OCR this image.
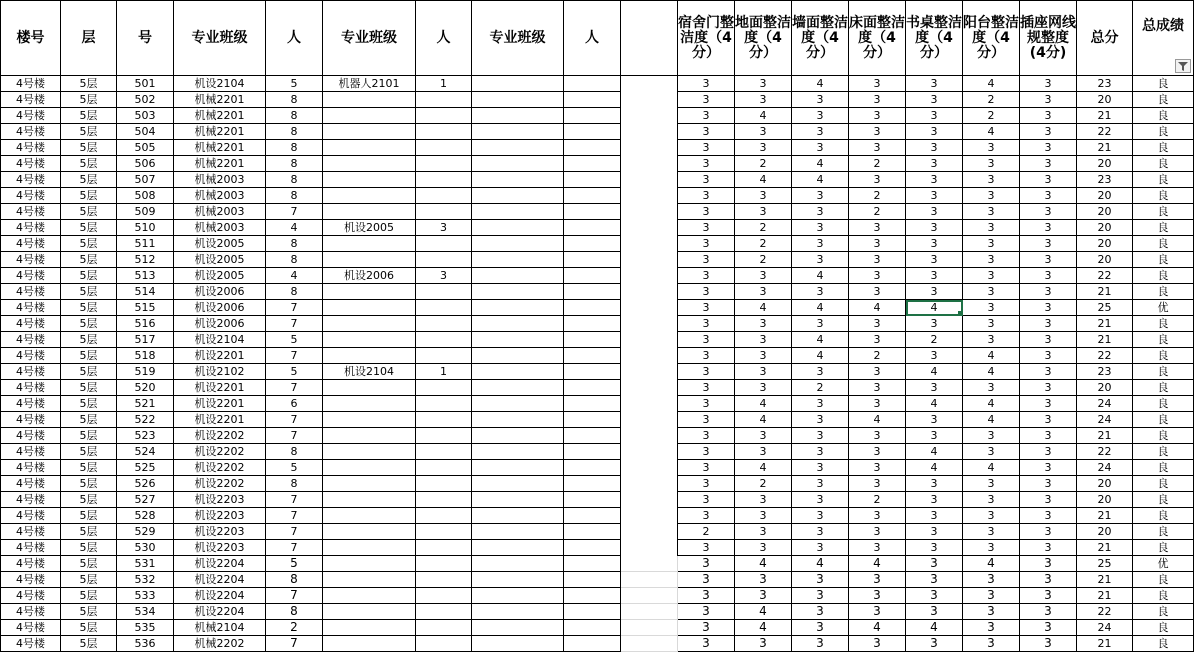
楼号	层	号	专业班级	人	专业班级	人	专业班级	人		宿舍门整洁度（4分）	地面整洁度（4分）	墙面整洁度（4分）	床面整洁度（4分）	书桌整洁度（4分）	阳台整洁度（4分）	插座网线规整度(4分)	总分	总成绩

4号楼	5层	501	机设2104	5	机器人2101	1				3	3	4	3	3	4	3	23	良
4号楼	5层	502	机械2201	8						3	3	3	3	3	2	3	20	良
4号楼	5层	503	机械2201	8						3	4	3	3	3	2	3	21	良
4号楼	5层	504	机械2201	8						3	3	3	3	3	4	3	22	良
4号楼	5层	505	机械2201	8						3	3	3	3	3	3	3	21	良
4号楼	5层	506	机械2201	8						3	2	4	2	3	3	3	20	良
4号楼	5层	507	机械2003	8						3	4	4	3	3	3	3	23	良
4号楼	5层	508	机械2003	8						3	3	3	2	3	3	3	20	良
4号楼	5层	509	机械2003	7						3	3	3	2	3	3	3	20	良
4号楼	5层	510	机械2003	4	机设2005	3				3	2	3	3	3	3	3	20	良
4号楼	5层	511	机设2005	8						3	2	3	3	3	3	3	20	良
4号楼	5层	512	机设2005	8						3	2	3	3	3	3	3	20	良
4号楼	5层	513	机设2005	4	机设2006	3				3	3	4	3	3	3	3	22	良
4号楼	5层	514	机设2006	8						3	3	3	3	3	3	3	21	良
4号楼	5层	515	机设2006	7						3	4	4	4	4	3	3	25	优
4号楼	5层	516	机设2006	7						3	3	3	3	3	3	3	21	良
4号楼	5层	517	机设2104	5						3	3	4	3	2	3	3	21	良
4号楼	5层	518	机设2201	7						3	3	4	2	3	4	3	22	良
4号楼	5层	519	机设2102	5	机设2104	1				3	3	3	3	4	4	3	23	良
4号楼	5层	520	机设2201	7						3	3	2	3	3	3	3	20	良
4号楼	5层	521	机设2201	6						3	4	3	3	4	4	3	24	良
4号楼	5层	522	机设2201	7						3	4	3	4	3	4	3	24	良
4号楼	5层	523	机设2202	7						3	3	3	3	3	3	3	21	良
4号楼	5层	524	机设2202	8						3	3	3	3	4	3	3	22	良
4号楼	5层	525	机设2202	5						3	4	3	3	4	4	3	24	良
4号楼	5层	526	机设2202	8						3	2	3	3	3	3	3	20	良
4号楼	5层	527	机设2203	7						3	3	3	2	3	3	3	20	良
4号楼	5层	528	机设2203	7						3	3	3	3	3	3	3	21	良
4号楼	5层	529	机设2203	7						2	3	3	3	3	3	3	20	良
4号楼	5层	530	机设2203	7						3	3	3	3	3	3	3	21	良
4号楼	5层	531	机设2204	5						3	4	4	4	3	4	3	25	优
4号楼	5层	532	机设2204	8						3	3	3	3	3	3	3	21	良
4号楼	5层	533	机设2204	7						3	3	3	3	3	3	3	21	良
4号楼	5层	534	机设2204	8						3	4	3	3	3	3	3	22	良
4号楼	5层	535	机械2104	2						3	4	3	4	4	3	3	24	良
4号楼	5层	536	机械2202	7						3	3	3	3	3	3	3	21	良
